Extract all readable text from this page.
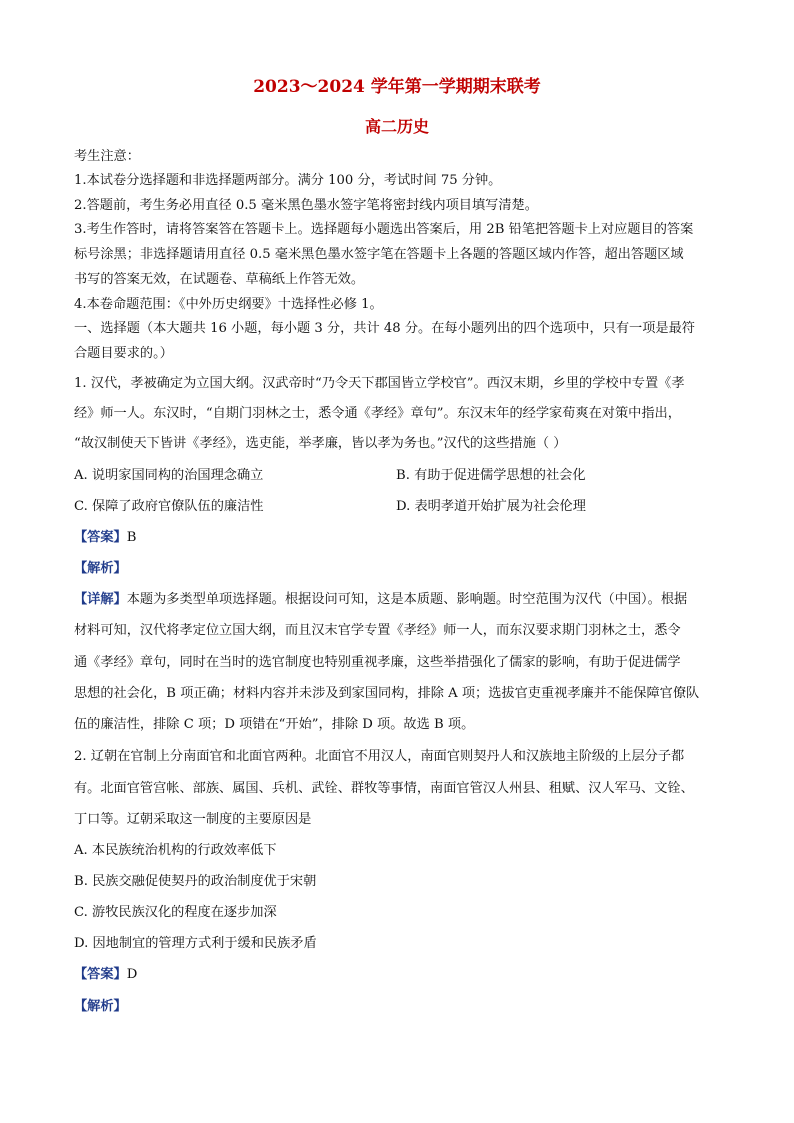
2023～2024 学年第一学期期末联考
高二历史
考生注意：
1.本试卷分选择题和非选择题两部分。满分 100 分，考试时间 75 分钟。
2.答题前，考生务必用直径 0.5 毫米黑色墨水签字笔将密封线内项目填写清楚。
3.考生作答时，请将答案答在答题卡上。选择题每小题选出答案后，用 2B 铅笔把答题卡上对应题目的答案
标号涂黑；非选择题请用直径 0.5 毫米黑色墨水签字笔在答题卡上各题的答题区域内作答，超出答题区域
书写的答案无效，在试题卷、草稿纸上作答无效。
4.本卷命题范围：《中外历史纲要》十选择性必修 1。
一、选择题（本大题共 16 小题，每小题 3 分，共计 48 分。在每小题列出的四个选项中，只有一项是最符
合题目要求的。）
1. 汉代，孝被确定为立国大纲。汉武帝时“乃令天下郡国皆立学校官”。西汉末期，乡里的学校中专置《孝
经》师一人。东汉时，“自期门羽林之士，悉令通《孝经》章句”。东汉末年的经学家荀爽在对策中指出，
“故汉制使天下皆讲《孝经》，选吏能，举孝廉，皆以孝为务也。”汉代的这些措施（ ）
A. 说明家国同构的治国理念确立	B. 有助于促进儒学思想的社会化
C. 保障了政府官僚队伍的廉洁性	D. 表明孝道开始扩展为社会伦理
【答案】B
【解析】
【详解】本题为多类型单项选择题。根据设问可知，这是本质题、影响题。时空范围为汉代（中国）。根据
材料可知，汉代将孝定位立国大纲，而且汉末官学专置《孝经》师一人，而东汉要求期门羽林之士，悉令
通《孝经》章句，同时在当时的选官制度也特别重视孝廉，这些举措强化了儒家的影响，有助于促进儒学
思想的社会化，B 项正确；材料内容并未涉及到家国同构，排除 A 项；选拔官吏重视孝廉并不能保障官僚队
伍的廉洁性，排除 C 项；D 项错在“开始”，排除 D 项。故选 B 项。
2. 辽朝在官制上分南面官和北面官两种。北面官不用汉人，南面官则契丹人和汉族地主阶级的上层分子都
有。北面官管宫帐、部族、属国、兵机、武铨、群牧等事情，南面官管汉人州县、租赋、汉人军马、文铨、
丁口等。辽朝采取这一制度的主要原因是
A. 本民族统治机构的行政效率低下
B. 民族交融促使契丹的政治制度优于宋朝
C. 游牧民族汉化的程度在逐步加深
D. 因地制宜的管理方式利于缓和民族矛盾
【答案】D
【解析】
